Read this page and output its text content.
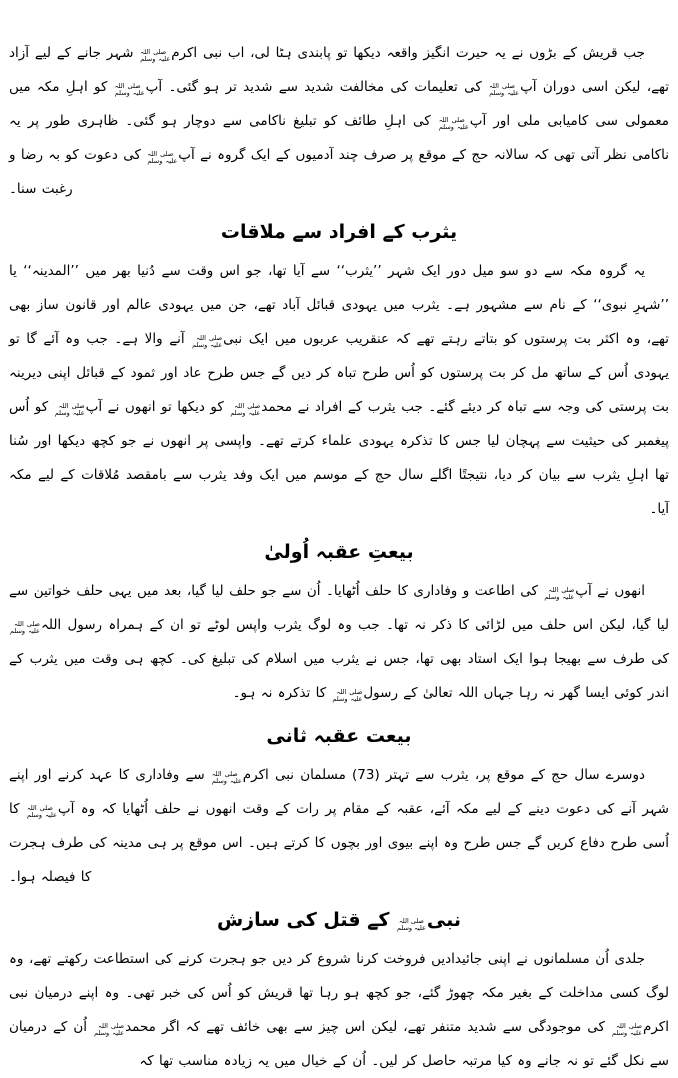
جب قریش کے بڑوں نے یہ حیرت انگیز واقعہ دیکھا تو پابندی ہٹا لی، اب نبی اکرم
صلی اللہ
علیہ وسلم
شہر جانے کے لیے آزاد تھے، لیکن اسی دوران آپ
صلی اللہ
علیہ وسلم
کی تعلیمات کی مخالفت شدید سے شدید تر ہو گئی۔ آپ
صلی اللہ
علیہ وسلم
کو اہلِ مکہ میں معمولی سی کامیابی ملی اور آپ
صلی اللہ
علیہ وسلم
کی اہلِ طائف کو تبلیغ ناکامی سے دوچار ہو گئی۔ ظاہری طور پر یہ ناکامی نظر آتی تھی کہ سالانہ حج کے موقع پر صرف چند آدمیوں کے ایک گروہ نے آپ
صلی اللہ
علیہ وسلم
کی دعوت کو بہ رضا و رغبت سنا۔

یثرب کے افراد سے ملاقات

یہ گروہ مکہ سے دو سو میل دور ایک شہر ’’یثرب‘‘ سے آیا تھا، جو اس وقت سے دُنیا بھر میں ’’المدینہ‘‘ یا ’’شہرِ نبوی‘‘ کے نام سے مشہور ہے۔ یثرب میں یہودی قبائل آباد تھے، جن میں یہودی عالم اور قانون ساز بھی تھے، وہ اکثر بت پرستوں کو بتاتے رہتے تھے کہ عنقریب عربوں میں ایک نبی
صلی اللہ
علیہ وسلم
آنے والا ہے۔ جب وہ آئے گا تو یہودی اُس کے ساتھ مل کر بت پرستوں کو اُس طرح تباہ کر دیں گے جس طرح عاد اور ثمود کے قبائل اپنی دیرینہ بت پرستی کی وجہ سے تباہ کر دیئے گئے۔ جب یثرب کے افراد نے محمد
صلی اللہ
علیہ وسلم
کو دیکھا تو انھوں نے آپ
صلی اللہ
علیہ وسلم
کو اُس پیغمبر کی حیثیت سے پہچان لیا جس کا تذکرہ یہودی علماء کرتے تھے۔ واپسی پر انھوں نے جو کچھ دیکھا اور سُنا تھا اہلِ یثرب سے بیان کر دیا، نتیجتًا اگلے سال حج کے موسم میں ایک وفد یثرب سے بامقصد مُلاقات کے لیے مکہ آیا۔

بیعتِ عقبہ اُولیٰ

انھوں نے آپ
صلی اللہ
علیہ وسلم
کی اطاعت و وفاداری کا حلف اُٹھایا۔ اُن سے جو حلف لیا گیا، بعد میں یہی حلف خواتین سے لیا گیا، لیکن اس حلف میں لڑائی کا ذکر نہ تھا۔ جب وہ لوگ یثرب واپس لوٹے تو ان کے ہمراہ رسول اللہ
صلی اللہ
علیہ وسلم
کی طرف سے بھیجا ہوا ایک استاد بھی تھا، جس نے یثرب میں اسلام کی تبلیغ کی۔ کچھ ہی وقت میں یثرب کے اندر کوئی ایسا گھر نہ رہا جہاں اللہ تعالیٰ کے رسول
صلی اللہ
علیہ وسلم
کا تذکرہ نہ ہو۔

بیعت عقبہ ثانی

دوسرے سال حج کے موقع پر، یثرب سے تہتر (73) مسلمان نبی اکرم
صلی اللہ
علیہ وسلم
سے وفاداری کا عہد کرنے اور اپنے شہر آنے کی دعوت دینے کے لیے مکہ آئے، عقبہ کے مقام پر رات کے وقت انھوں نے حلف اُٹھایا کہ وہ آپ
صلی اللہ
علیہ وسلم
کا اُسی طرح دفاع کریں گے جس طرح وہ اپنے بیوی اور بچوں کا کرتے ہیں۔ اس موقع پر ہی مدینہ کی طرف ہجرت کا فیصلہ ہوا۔

نبی
صلی اللہ
علیہ وسلم
کے قتل کی سازش

جلدی اُن مسلمانوں نے اپنی جائیدادیں فروخت کرنا شروع کر دیں جو ہجرت کرنے کی استطاعت رکھتے تھے، وہ لوگ کسی مداخلت کے بغیر مکہ چھوڑ گئے، جو کچھ ہو رہا تھا قریش کو اُس کی خبر تھی۔ وہ اپنے درمیان نبی اکرم
صلی اللہ
علیہ وسلم
کی موجودگی سے شدید متنفر تھے، لیکن اس چیز سے بھی خائف تھے کہ اگر محمد
صلی اللہ
علیہ وسلم
اُن کے درمیان سے نکل گئے تو نہ جانے وہ کیا مرتبہ حاصل کر لیں۔ اُن کے خیال میں یہ زیادہ مناسب تھا کہ
